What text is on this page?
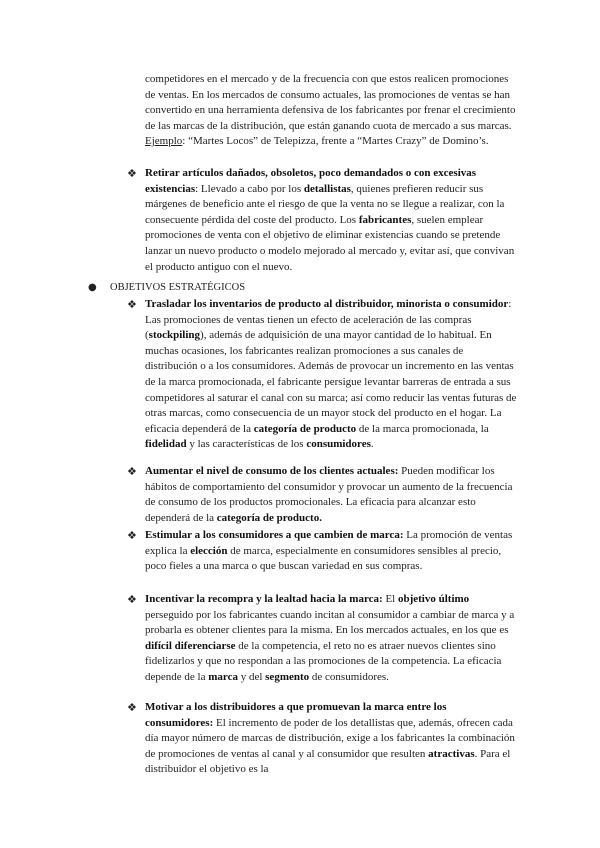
competidores en el mercado y de la frecuencia con que estos realicen promociones de ventas. En los mercados de consumo actuales, las promociones de ventas se han convertido en una herramienta defensiva de los fabricantes por frenar el crecimiento de las marcas de la distribución, que están ganando cuota de mercado a sus marcas. Ejemplo: “Martes Locos” de Telepizza, frente a “Martes Crazy” de Domino’s.

❖ Retirar artículos dañados, obsoletos, poco demandados o con excesivas existencias: Llevado a cabo por los detallistas, quienes prefieren reducir sus márgenes de beneficio ante el riesgo de que la venta no se llegue a realizar, con la consecuente pérdida del coste del producto. Los fabricantes, suelen emplear promociones de venta con el objetivo de eliminar existencias cuando se pretende lanzar un nuevo producto o modelo mejorado al mercado y, evitar así, que convivan el producto antiguo con el nuevo.

● OBJETIVOS ESTRATÉGICOS
❖ Trasladar los inventarios de producto al distribuidor, minorista o consumidor: Las promociones de ventas tienen un efecto de aceleración de las compras (stockpiling), además de adquisición de una mayor cantidad de lo habitual. En muchas ocasiones, los fabricantes realizan promociones a sus canales de distribución o a los consumidores. Además de provocar un incremento en las ventas de la marca promocionada, el fabricante persigue levantar barreras de entrada a sus competidores al saturar el canal con su marca; así como reducir las ventas futuras de otras marcas, como consecuencia de un mayor stock del producto en el hogar. La eficacia dependerá de la categoría de producto de la marca promocionada, la fidelidad y las características de los consumidores.

❖ Aumentar el nivel de consumo de los clientes actuales: Pueden modificar los hábitos de comportamiento del consumidor y provocar un aumento de la frecuencia de consumo de los productos promocionales. La eficacia para alcanzar esto dependerá de la categoría de producto.

❖ Estimular a los consumidores a que cambien de marca: La promoción de ventas explica la elección de marca, especialmente en consumidores sensibles al precio, poco fieles a una marca o que buscan variedad en sus compras.

❖ Incentivar la recompra y la lealtad hacia la marca: El objetivo último perseguido por los fabricantes cuando incitan al consumidor a cambiar de marca y a probarla es obtener clientes para la misma. En los mercados actuales, en los que es difícil diferenciarse de la competencia, el reto no es atraer nuevos clientes sino fidelizarlos y que no respondan a las promociones de la competencia. La eficacia depende de la marca y del segmento de consumidores.

❖ Motivar a los distribuidores a que promuevan la marca entre los consumidores: El incremento de poder de los detallistas que, además, ofrecen cada día mayor número de marcas de distribución, exige a los fabricantes la combinación de promociones de ventas al canal y al consumidor que resulten atractivas. Para el distribuidor el objetivo es la
